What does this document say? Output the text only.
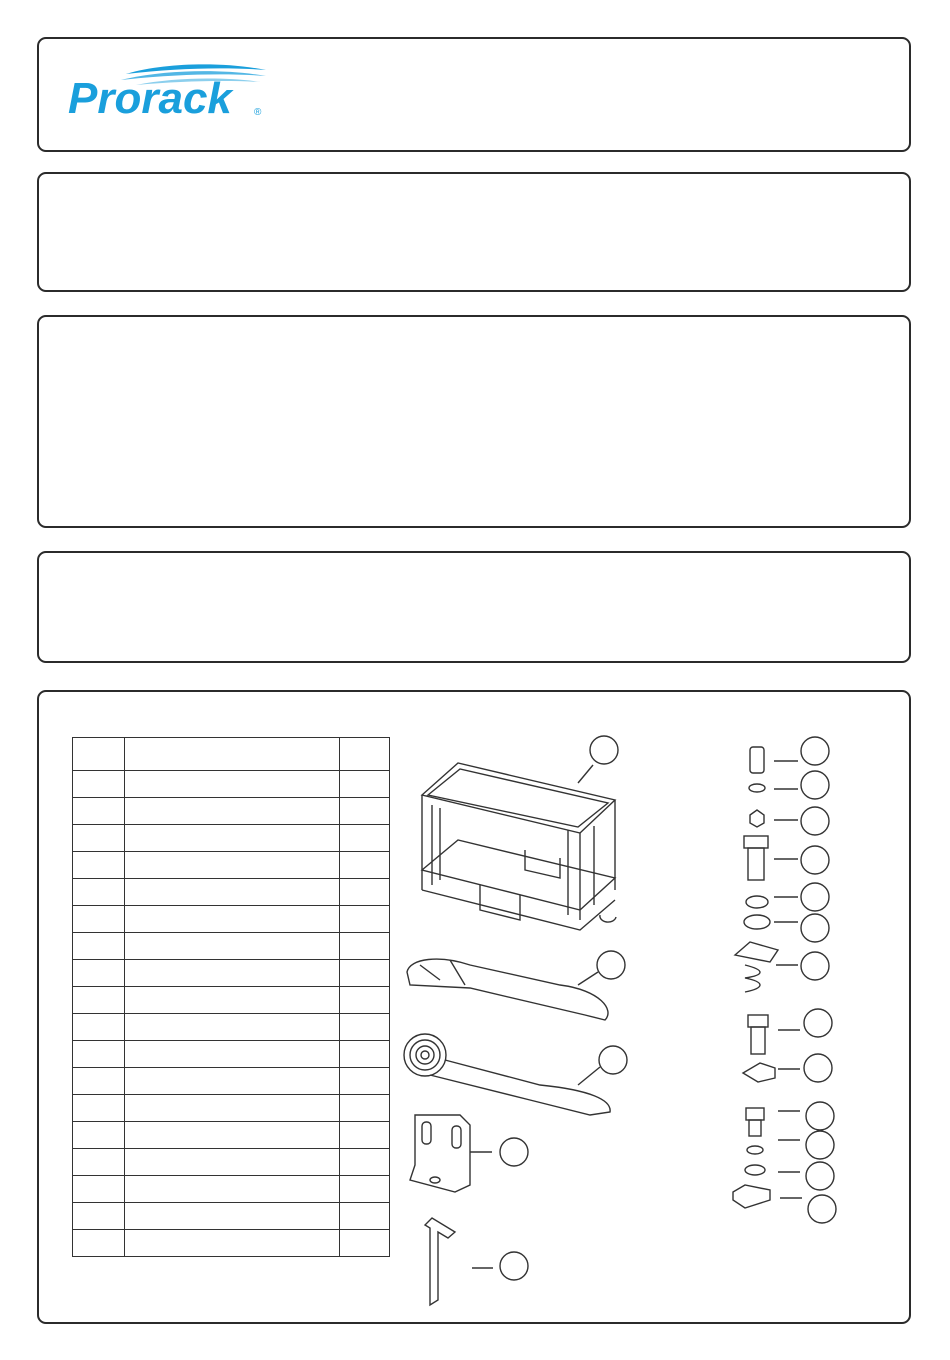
Prorack ®
